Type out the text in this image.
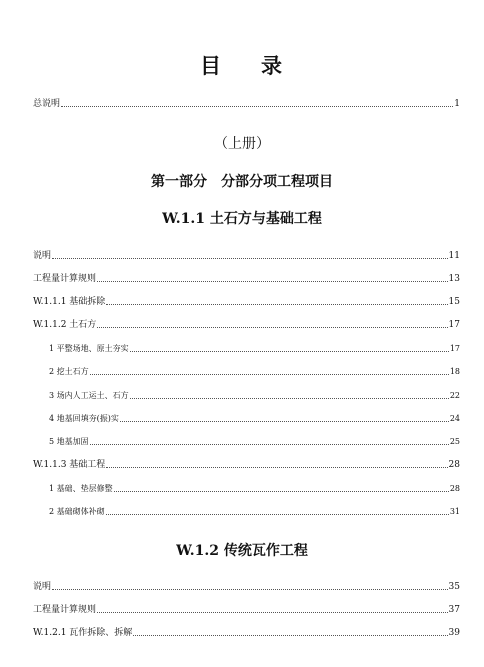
目 录
总说明	1
（上册）
第一部分　分部分项工程项目
W.1.1 土石方与基础工程
说明	11
工程量计算规则	13
W.1.1.1 基础拆除	15
W.1.1.2 土石方	17
1 平整场地、原土夯实	17
2 挖土石方	18
3 场内人工运土、石方	22
4 地基回填夯(振)实	24
5 地基加固	25
W.1.1.3 基础工程	28
1 基础、垫层修整	28
2 基础砌体补砌	31
W.1.2 传统瓦作工程
说明	35
工程量计算规则	37
W.1.2.1 瓦作拆除、拆解	39
